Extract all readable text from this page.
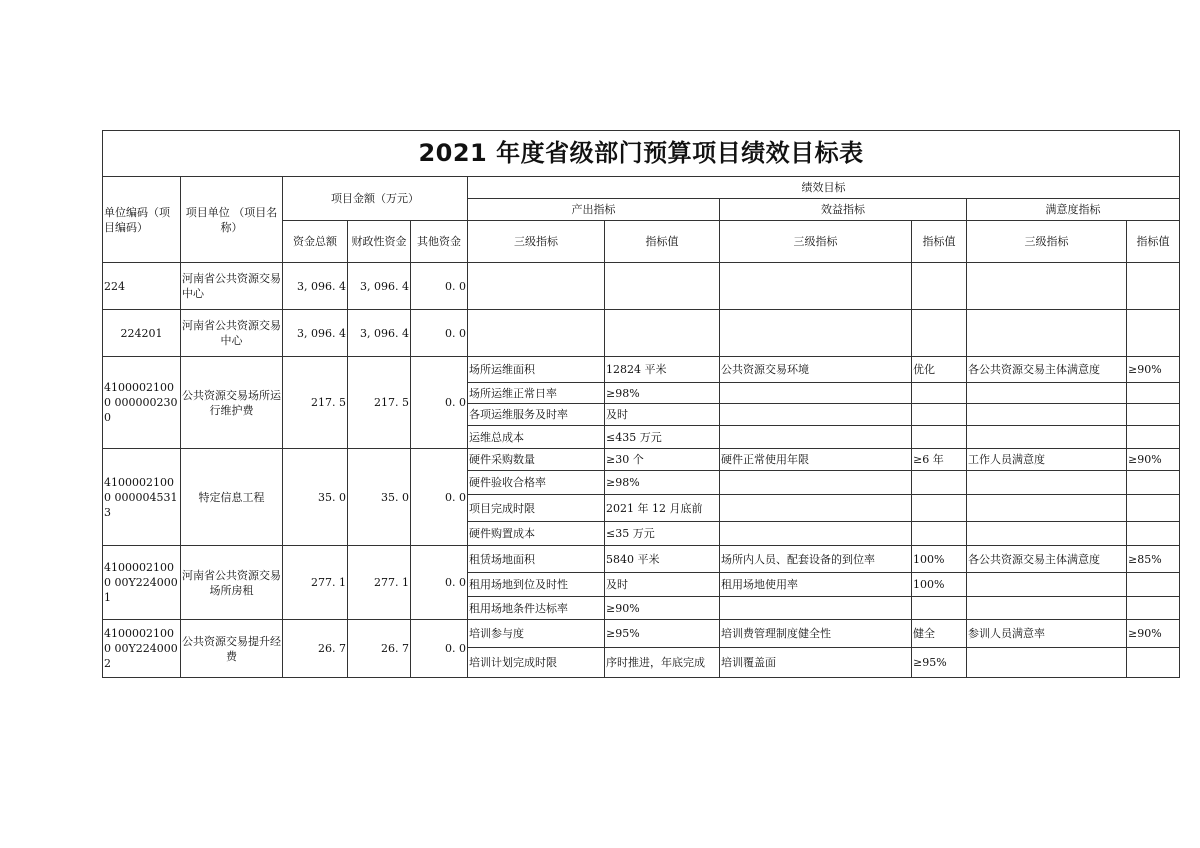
2021 年度省级部门预算项目绩效目标表										
单位编码（项目编码）	项目单位 （项目名称）	项目金额（万元）			绩效目标					
					产出指标		效益指标		满意度指标	
		资金总额	财政性资金	其他资金	三级指标	指标值	三级指标	指标值	三级指标	指标值
224	河南省公共资源交易中心	3, 096. 4	3, 096. 4	0. 0						
224201	河南省公共资源交易中心	3, 096. 4	3, 096. 4	0. 0						
41000021000 0000002300	公共资源交易场所运行维护费	217. 5	217. 5	0. 0	场所运维面积	12824 平米	公共资源交易环境	优化	各公共资源交易主体满意度	≥90%
					场所运维正常日率	≥98%				
					各项运维服务及时率	及时				
					运维总成本	≤435 万元				
41000021000 0000045313	特定信息工程	35. 0	35. 0	0. 0	硬件采购数量	≥30 个	硬件正常使用年限	≥6 年	工作人员满意度	≥90%
					硬件验收合格率	≥98%				
					项目完成时限	2021 年 12 月底前				
					硬件购置成本	≤35 万元				
41000021000 00Y2240001	河南省公共资源交易场所房租	277. 1	277. 1	0. 0	租赁场地面积	5840 平米	场所内人员、配套设备的到位率	100%	各公共资源交易主体满意度	≥85%
					租用场地到位及时性	及时	租用场地使用率	100%		
					租用场地条件达标率	≥90%				
41000021000 00Y2240002	公共资源交易提升经费	26. 7	26. 7	0. 0	培训参与度	≥95%	培训费管理制度健全性	健全	参训人员满意率	≥90%
					培训计划完成时限	序时推进，年底完成	培训覆盖面	≥95%		
